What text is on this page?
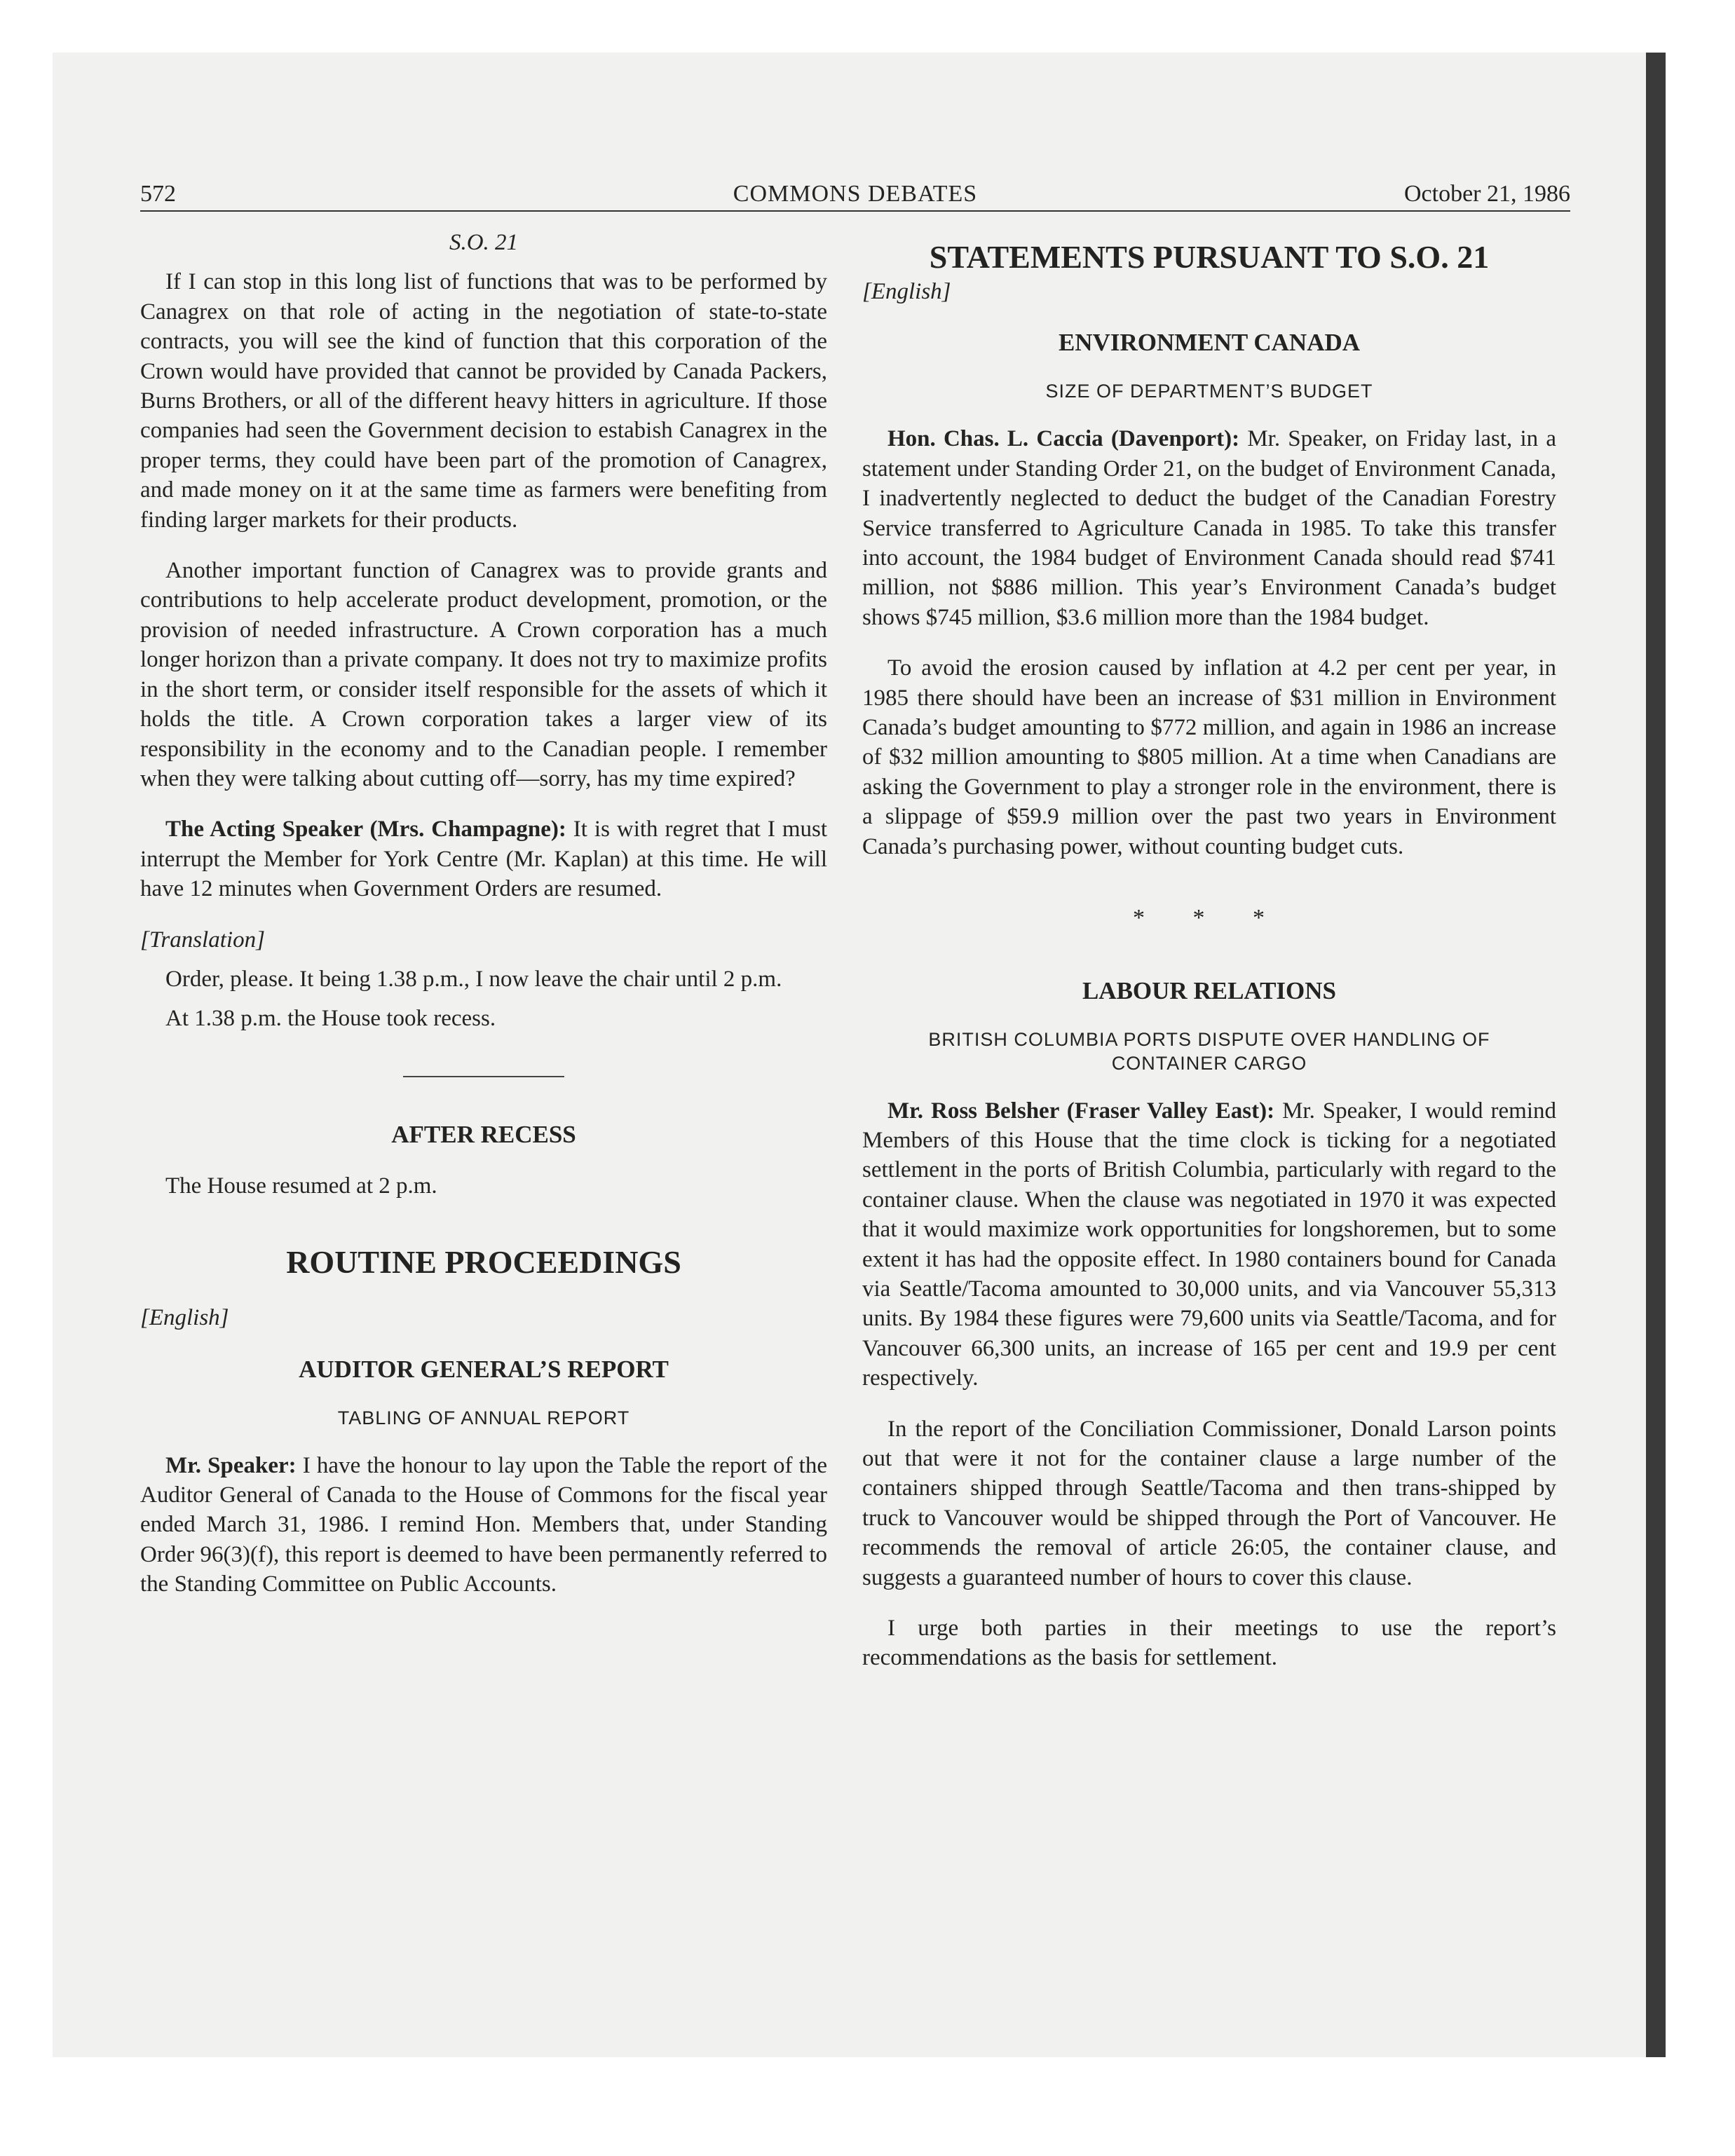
572	COMMONS DEBATES	October 21, 1986

S.O. 21

If I can stop in this long list of functions that was to be performed by Canagrex on that role of acting in the negotiation of state-to-state contracts, you will see the kind of function that this corporation of the Crown would have provided that cannot be provided by Canada Packers, Burns Brothers, or all of the different heavy hitters in agriculture. If those companies had seen the Government decision to estabish Canagrex in the proper terms, they could have been part of the promotion of Canagrex, and made money on it at the same time as farmers were benefiting from finding larger markets for their products.

Another important function of Canagrex was to provide grants and contributions to help accelerate product development, promotion, or the provision of needed infrastructure. A Crown corporation has a much longer horizon than a private company. It does not try to maximize profits in the short term, or consider itself responsible for the assets of which it holds the title. A Crown corporation takes a larger view of its responsibility in the economy and to the Canadian people. I remember when they were talking about cutting off—sorry, has my time expired?

The Acting Speaker (Mrs. Champagne): It is with regret that I must interrupt the Member for York Centre (Mr. Kaplan) at this time. He will have 12 minutes when Government Orders are resumed.

[Translation]

Order, please. It being 1.38 p.m., I now leave the chair until 2 p.m.

At 1.38 p.m. the House took recess.

AFTER RECESS

The House resumed at 2 p.m.

ROUTINE PROCEEDINGS

[English]

AUDITOR GENERAL’S REPORT

TABLING OF ANNUAL REPORT

Mr. Speaker: I have the honour to lay upon the Table the report of the Auditor General of Canada to the House of Commons for the fiscal year ended March 31, 1986. I remind Hon. Members that, under Standing Order 96(3)(f), this report is deemed to have been permanently referred to the Standing Committee on Public Accounts.

STATEMENTS PURSUANT TO S.O. 21

[English]

ENVIRONMENT CANADA

SIZE OF DEPARTMENT’S BUDGET

Hon. Chas. L. Caccia (Davenport): Mr. Speaker, on Friday last, in a statement under Standing Order 21, on the budget of Environment Canada, I inadvertently neglected to deduct the budget of the Canadian Forestry Service transferred to Agriculture Canada in 1985. To take this transfer into account, the 1984 budget of Environment Canada should read $741 million, not $886 million. This year’s Environment Canada’s budget shows $745 million, $3.6 million more than the 1984 budget.

To avoid the erosion caused by inflation at 4.2 per cent per year, in 1985 there should have been an increase of $31 million in Environment Canada’s budget amounting to $772 million, and again in 1986 an increase of $32 million amounting to $805 million. At a time when Canadians are asking the Government to play a stronger role in the environment, there is a slippage of $59.9 million over the past two years in Environment Canada’s purchasing power, without counting budget cuts.

* * *

LABOUR RELATIONS

BRITISH COLUMBIA PORTS DISPUTE OVER HANDLING OF CONTAINER CARGO

Mr. Ross Belsher (Fraser Valley East): Mr. Speaker, I would remind Members of this House that the time clock is ticking for a negotiated settlement in the ports of British Columbia, particularly with regard to the container clause. When the clause was negotiated in 1970 it was expected that it would maximize work opportunities for longshoremen, but to some extent it has had the opposite effect. In 1980 containers bound for Canada via Seattle/Tacoma amounted to 30,000 units, and via Vancouver 55,313 units. By 1984 these figures were 79,600 units via Seattle/Tacoma, and for Vancouver 66,300 units, an increase of 165 per cent and 19.9 per cent respectively.

In the report of the Conciliation Commissioner, Donald Larson points out that were it not for the container clause a large number of the containers shipped through Seattle/Tacoma and then trans-shipped by truck to Vancouver would be shipped through the Port of Vancouver. He recommends the removal of article 26:05, the container clause, and suggests a guaranteed number of hours to cover this clause.

I urge both parties in their meetings to use the report’s recommendations as the basis for settlement.
